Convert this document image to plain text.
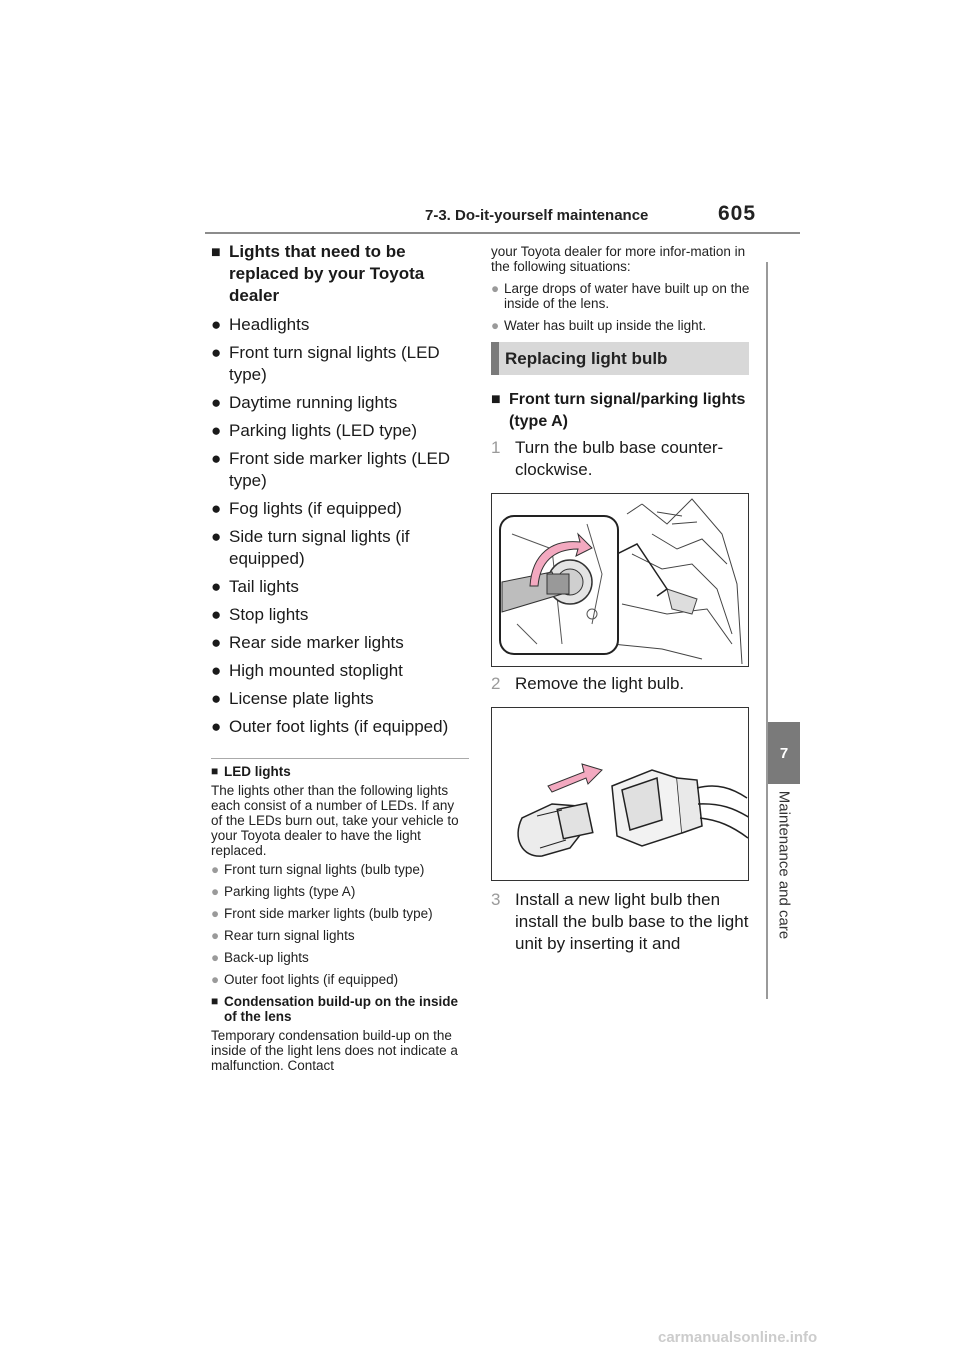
7-3. Do-it-yourself maintenance	605
7
Maintenance and care
■ Lights that need to be replaced by your Toyota dealer
● Headlights
● Front turn signal lights (LED type)
● Daytime running lights
● Parking lights (LED type)
● Front side marker lights (LED type)
● Fog lights (if equipped)
● Side turn signal lights (if equipped)
● Tail lights
● Stop lights
● Rear side marker lights
● High mounted stoplight
● License plate lights
● Outer foot lights (if equipped)
■ LED lights
The lights other than the following lights each consist of a number of LEDs. If any of the LEDs burn out, take your vehicle to your Toyota dealer to have the light replaced.
● Front turn signal lights (bulb type)
● Parking lights (type A)
● Front side marker lights (bulb type)
● Rear turn signal lights
● Back-up lights
● Outer foot lights (if equipped)
■ Condensation build-up on the inside of the lens
Temporary condensation build-up on the inside of the light lens does not indicate a malfunction. Contact
your Toyota dealer for more infor-mation in the following situations:
● Large drops of water have built up on the inside of the lens.
● Water has built up inside the light.
Replacing light bulb
■ Front turn signal/parking lights (type A)
1 Turn the bulb base counter-clockwise.
2 Remove the light bulb.
3 Install a new light bulb then install the bulb base to the light unit by inserting it and
carmanualsonline.info
